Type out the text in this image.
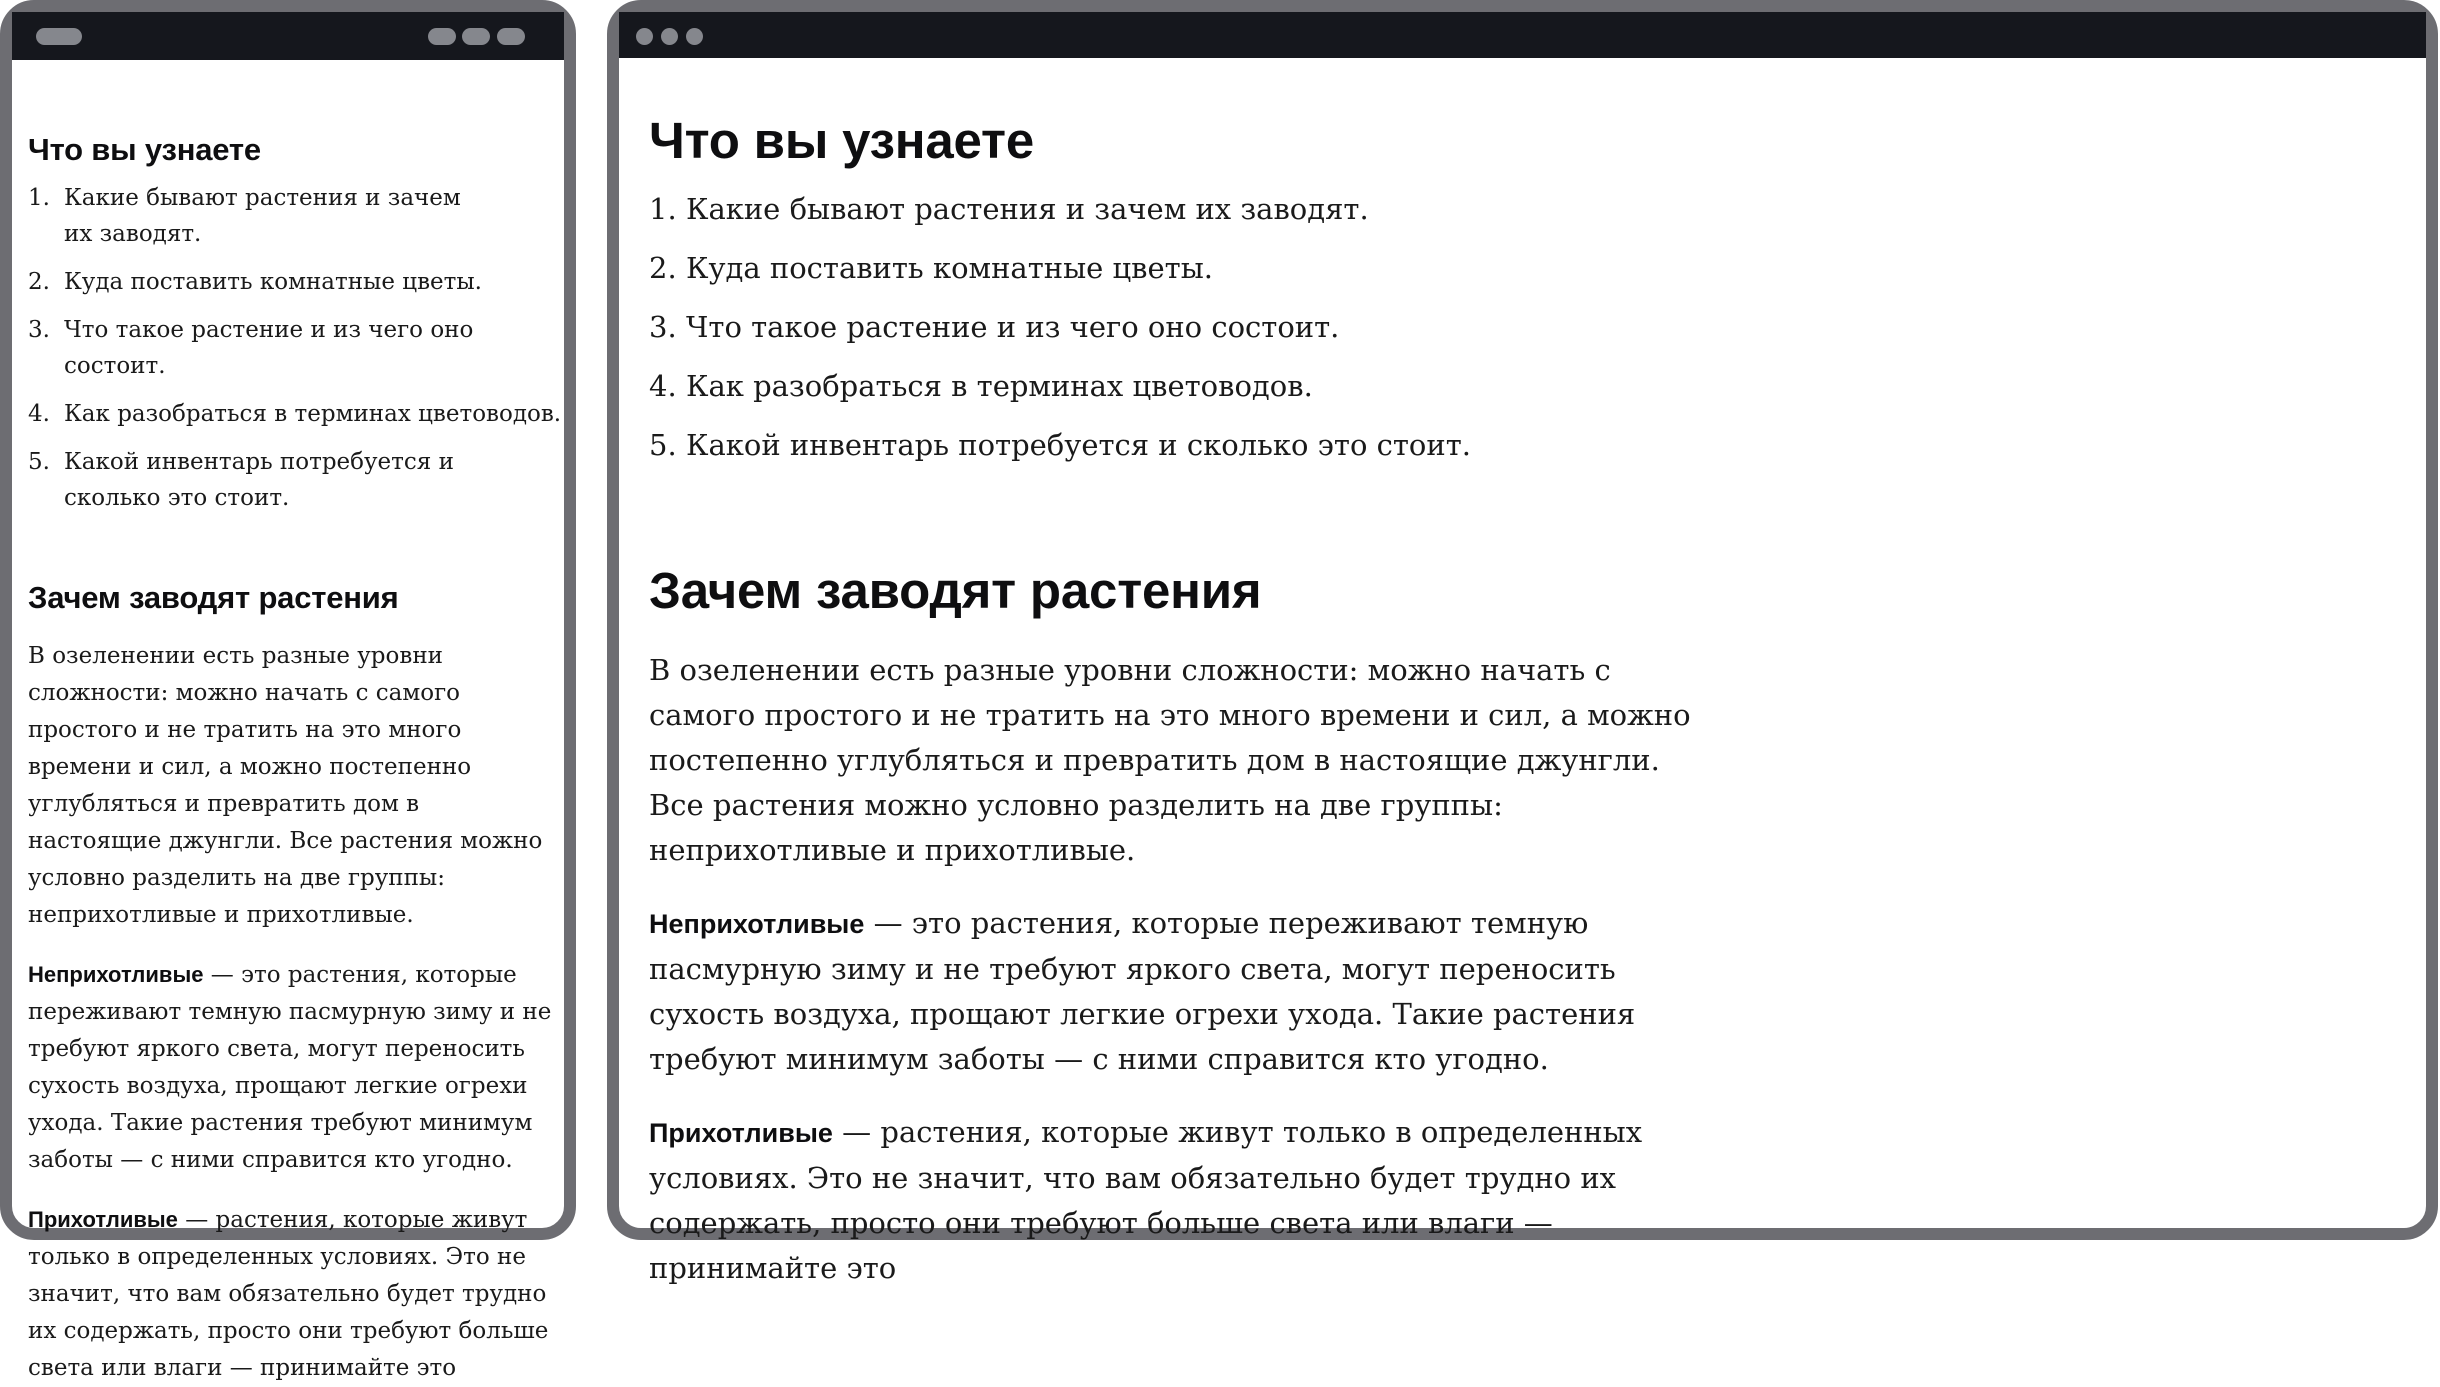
Что вы узнаете
1. Какие бывают растения и зачем их заводят.
2. Куда поставить комнатные цветы.
3. Что такое растение и из чего оно состоит.
4. Как разобраться в терминах цветоводов.
5. Какой инвентарь потребуется и сколько это стоит.
Зачем заводят растения

В озеленении есть разные уровни сложности: можно начать с самого простого и не тратить на это много времени и сил, а можно постепенно углубляться и превратить дом в настоящие джунгли. Все растения можно условно разделить на две группы: неприхотливые и прихотливые.

Неприхотливые — это растения, которые переживают темную пасмурную зиму и не требуют яркого света, могут переносить сухость воздуха, прощают легкие огрехи ухода. Такие растения требуют минимум заботы — с ними справится кто угодно.

Прихотливые — растения, которые живут только в определенных условиях. Это не значит, что вам обязательно будет трудно их содержать, просто они требуют больше света или влаги — принимайте это

Что вы узнаете
1. Какие бывают растения и зачем их заводят.
2. Куда поставить комнатные цветы.
3. Что такое растение и из чего оно состоит.
4. Как разобраться в терминах цветоводов.
5. Какой инвентарь потребуется и сколько это стоит.
Зачем заводят растения

В озеленении есть разные уровни сложности: можно начать с самого простого и не тратить на это много времени и сил, а можно постепенно углубляться и превратить дом в настоящие джунгли. Все растения можно условно разделить на две группы: неприхотливые и прихотливые.

Неприхотливые — это растения, которые переживают темную пасмурную зиму и не требуют яркого света, могут переносить сухость воздуха, прощают легкие огрехи ухода. Такие растения требуют минимум заботы — с ними справится кто угодно.

Прихотливые — растения, которые живут только в определенных условиях. Это не значит, что вам обязательно будет трудно их содержать, просто они требуют больше света или влаги — принимайте это
